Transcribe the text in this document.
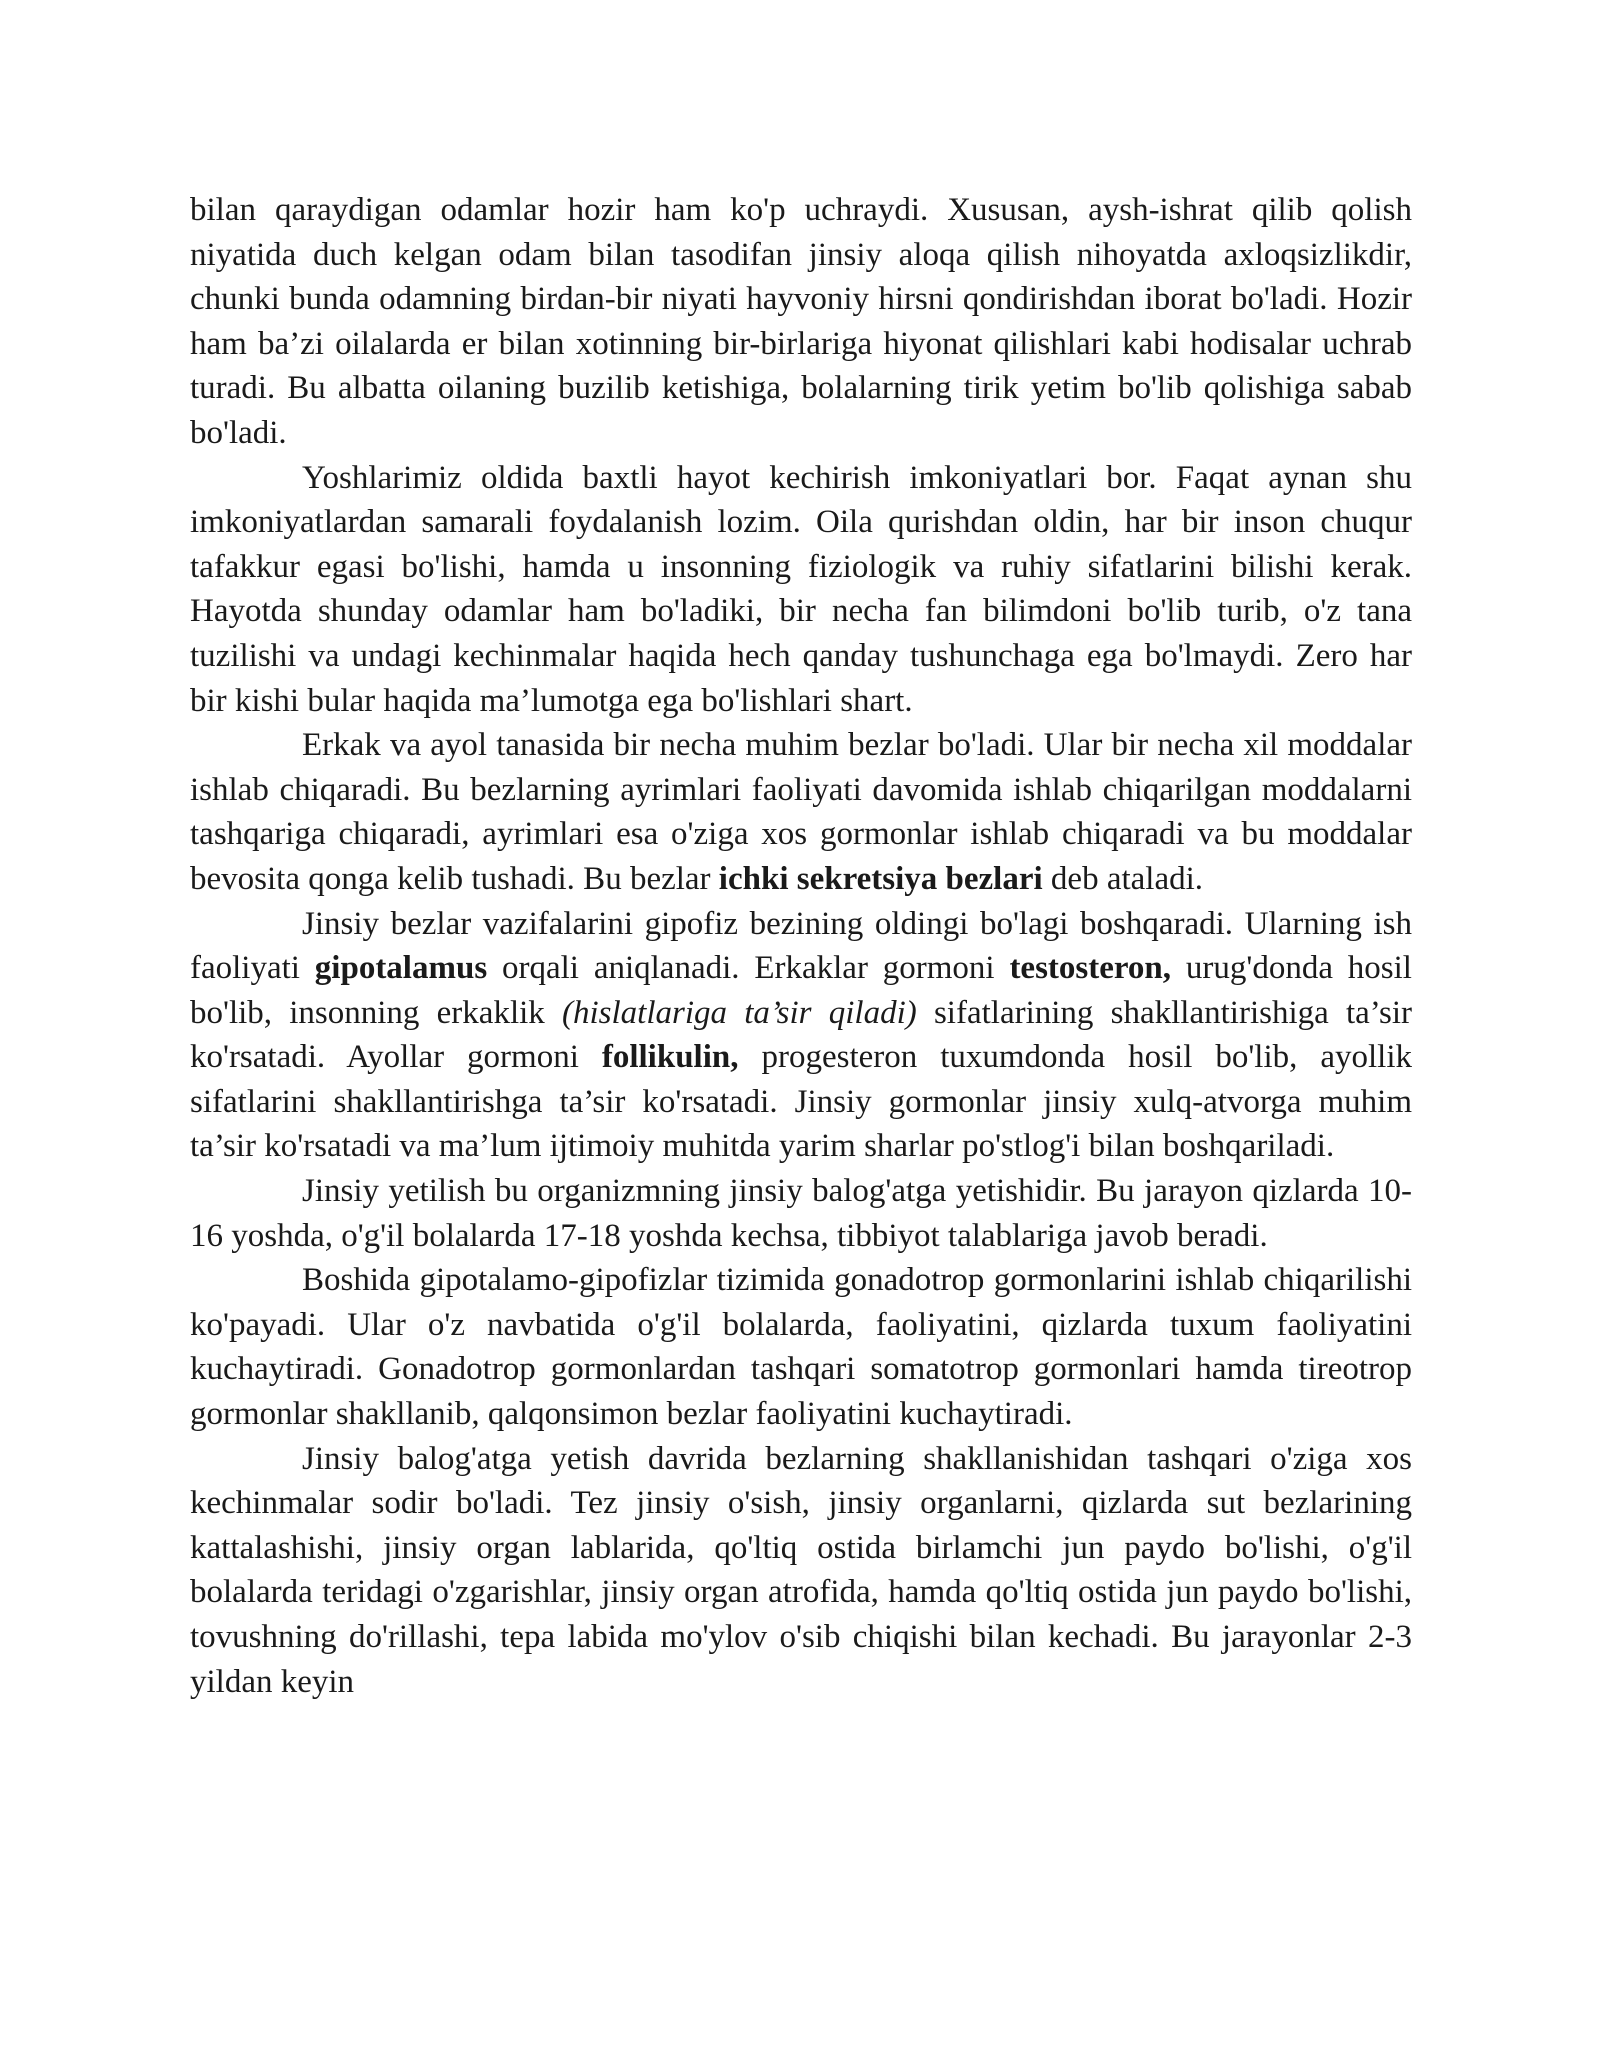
bilan qaraydigan odamlar hozir ham ko'p uchraydi. Xususan, aysh-ishrat qilib qolish niyatida duch kelgan odam bilan tasodifan jinsiy aloqa qilish nihoyatda axloqsizlikdir, chunki bunda odamning birdan-bir niyati hayvoniy hirsni qondirishdan iborat bo'ladi. Hozir ham ba’zi oilalarda er bilan xotinning bir-birlariga hiyonat qilishlari kabi hodisalar uchrab turadi. Bu albatta oilaning buzilib ketishiga, bolalarning tirik yetim bo'lib qolishiga sabab bo'ladi.

Yoshlarimiz oldida baxtli hayot kechirish imkoniyatlari bor. Faqat aynan shu imkoniyatlardan samarali foydalanish lozim. Oila qurishdan oldin, har bir inson chuqur tafakkur egasi bo'lishi, hamda u insonning fiziologik va ruhiy sifatlarini bilishi kerak. Hayotda shunday odamlar ham bo'ladiki, bir necha fan bilimdoni bo'lib turib, o'z tana tuzilishi va undagi kechinmalar haqida hech qanday tushunchaga ega bo'lmaydi. Zero har bir kishi bular haqida ma’lumotga ega bo'lishlari shart.

Erkak va ayol tanasida bir necha muhim bezlar bo'ladi. Ular bir necha xil moddalar ishlab chiqaradi. Bu bezlarning ayrimlari faoliyati davomida ishlab chiqarilgan moddalarni tashqariga chiqaradi, ayrimlari esa o'ziga xos gormonlar ishlab chiqaradi va bu moddalar bevosita qonga kelib tushadi. Bu bezlar ichki sekretsiya bezlari deb ataladi.

Jinsiy bezlar vazifalarini gipofiz bezining oldingi bo'lagi boshqaradi. Ularning ish faoliyati gipotalamus orqali aniqlanadi. Erkaklar gormoni testosteron, urug'donda hosil bo'lib, insonning erkaklik (hislatlariga ta’sir qiladi) sifatlarining shakllantirishiga ta’sir ko'rsatadi. Ayollar gormoni follikulin, progesteron tuxumdonda hosil bo'lib, ayollik sifatlarini shakllantirishga ta’sir ko'rsatadi. Jinsiy gormonlar jinsiy xulq-atvorga muhim ta’sir ko'rsatadi va ma’lum ijtimoiy muhitda yarim sharlar po'stlog'i bilan boshqariladi.

Jinsiy yetilish bu organizmning jinsiy balog'atga yetishidir. Bu jarayon qizlarda 10-16 yoshda, o'g'il bolalarda 17-18 yoshda kechsa, tibbiyot talablariga javob beradi.

Boshida gipotalamo-gipofizlar tizimida gonadotrop gormonlarini ishlab chiqarilishi ko'payadi. Ular o'z navbatida o'g'il bolalarda, faoliyatini, qizlarda tuxum faoliyatini kuchaytiradi. Gonadotrop gormonlardan tashqari somatotrop gormonlari hamda tireotrop gormonlar shakllanib, qalqonsimon bezlar faoliyatini kuchaytiradi.

Jinsiy balog'atga yetish davrida bezlarning shakllanishidan tashqari o'ziga xos kechinmalar sodir bo'ladi. Tez jinsiy o'sish, jinsiy organlarni, qizlarda sut bezlarining kattalashishi, jinsiy organ lablarida, qo'ltiq ostida birlamchi jun paydo bo'lishi, o'g'il bolalarda teridagi o'zgarishlar, jinsiy organ atrofida, hamda qo'ltiq ostida jun paydo bo'lishi, tovushning do'rillashi, tepa labida mo'ylov o'sib chiqishi bilan kechadi. Bu jarayonlar 2-3 yildan keyin
